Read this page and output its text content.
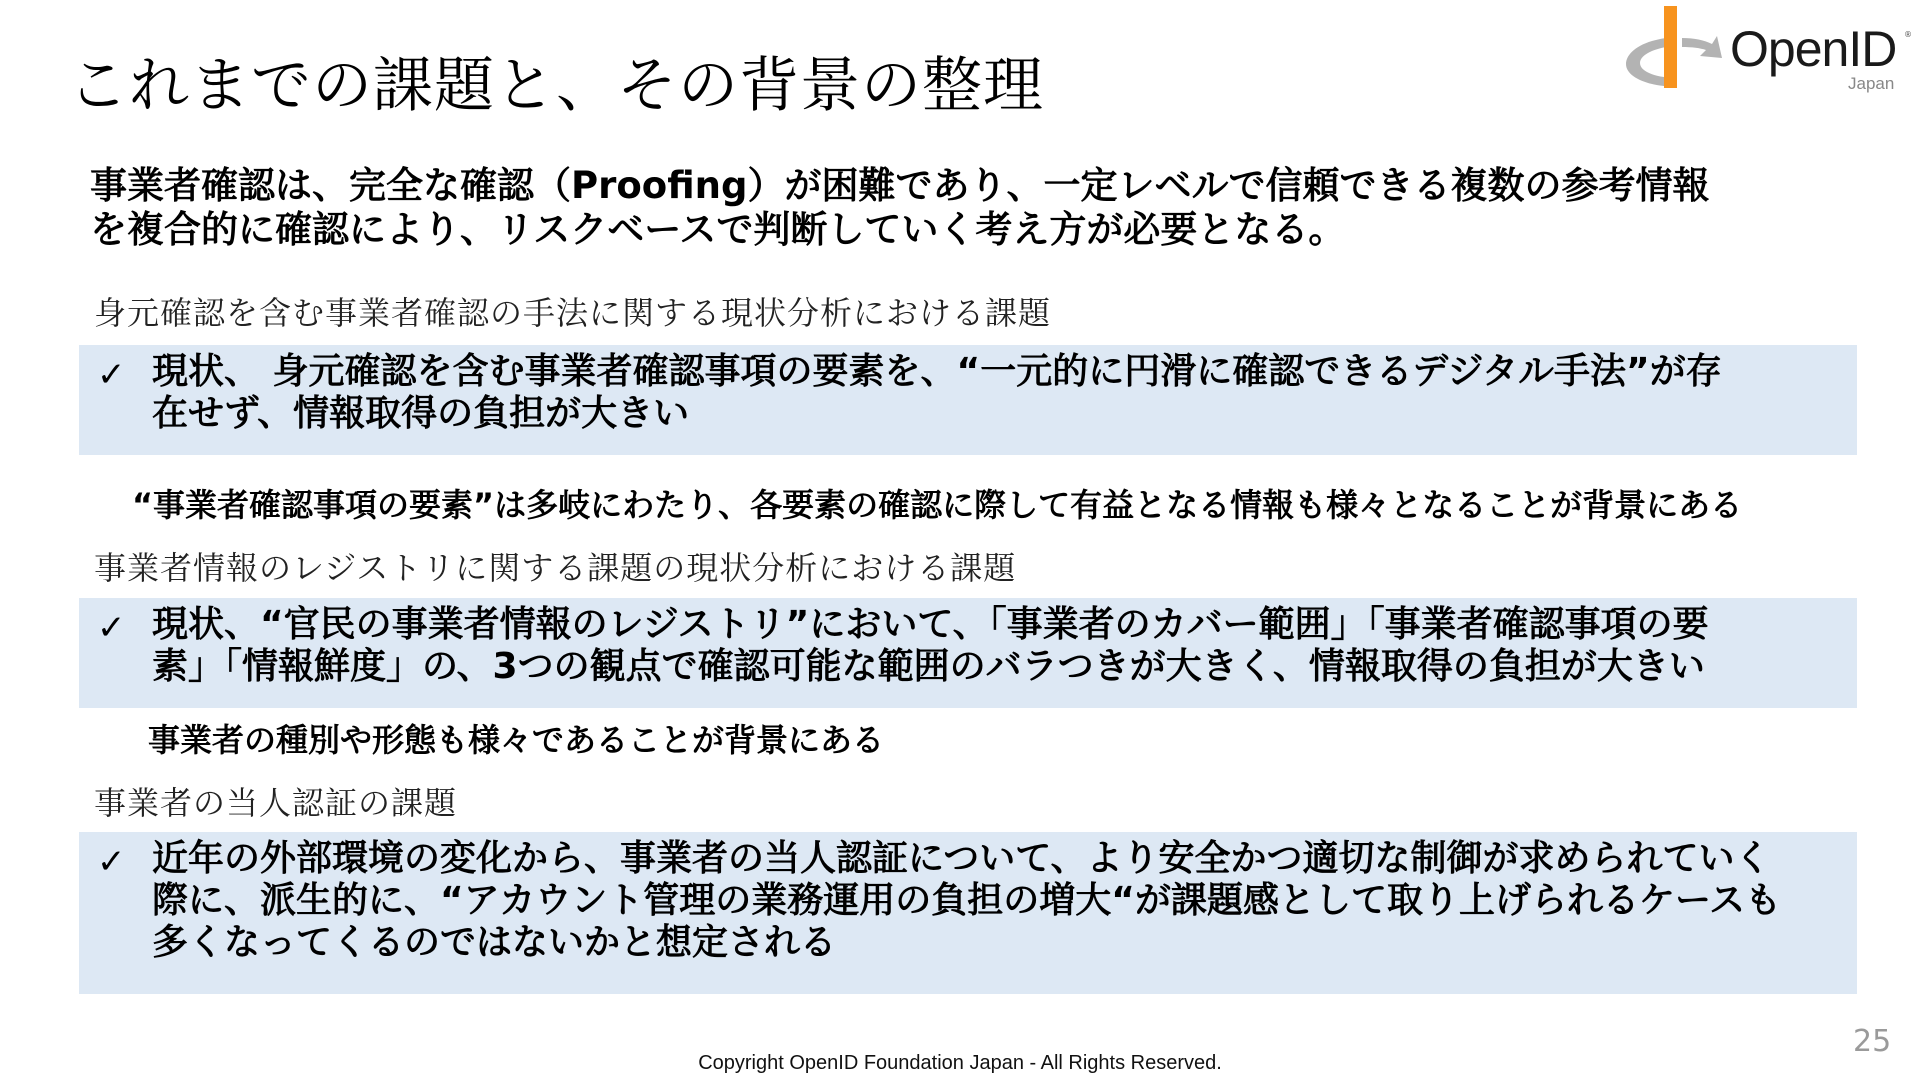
これまでの課題と、その背景の整理
OpenID ®
Japan
事業者確認は、完全な確認（Proofing）が困難であり、一定レベルで信頼できる複数の参考情報
を複合的に確認により、リスクベースで判断していく考え方が必要となる。
身元確認を含む事業者確認の手法に関する現状分析における課題
✓ 現状、 身元確認を含む事業者確認事項の要素を、“一元的に円滑に確認できるデジタル手法”が存
在せず、情報取得の負担が大きい
“事業者確認事項の要素”は多岐にわたり、各要素の確認に際して有益となる情報も様々となることが背景にある
事業者情報のレジストリに関する課題の現状分析における課題
✓ 現状、“官民の事業者情報のレジストリ”において、「事業者のカバー範囲」「事業者確認事項の要
素」「情報鮮度」の、3つの観点で確認可能な範囲のバラつきが大きく、情報取得の負担が大きい
事業者の種別や形態も様々であることが背景にある
事業者の当人認証の課題
✓ 近年の外部環境の変化から、事業者の当人認証について、より安全かつ適切な制御が求められていく
際に、派生的に、“アカウント管理の業務運用の負担の増大“が課題感として取り上げられるケースも
多くなってくるのではないかと想定される
25
Copyright OpenID Foundation Japan - All Rights Reserved.
